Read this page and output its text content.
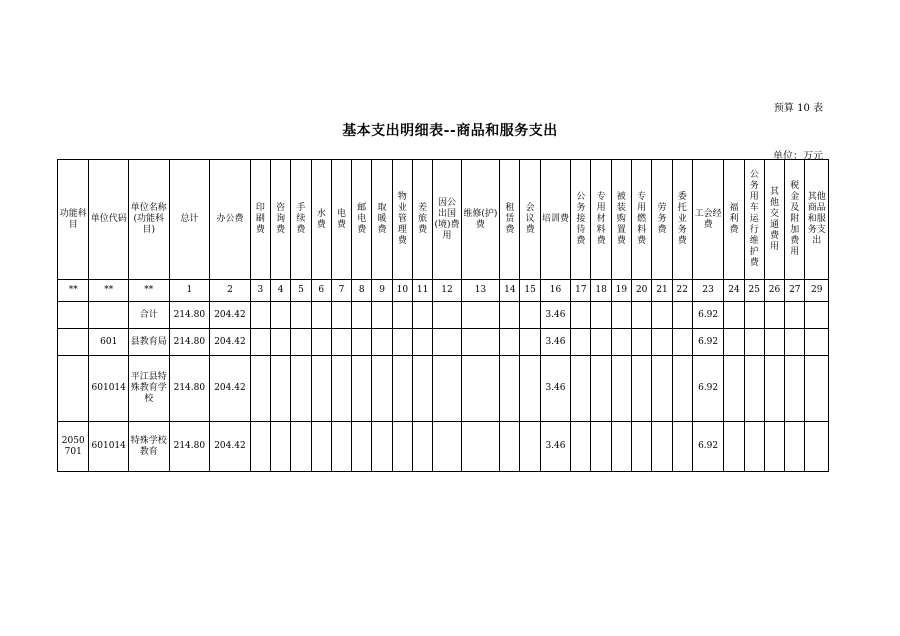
预算 10 表
基本支出明细表--商品和服务支出
单位：万元
功能科目	单位代码	单位名称(功能科目)	总计	办公费	印刷费	咨询费	手续费	水费	电费	邮电费	取暖费	物业管理费	差旅费	因公出国(境)费用	维修(护)费	租赁费	会议费	培训费	公务接待费	专用材料费	被装购置费	专用燃料费	劳务费	委托业务费	工会经费	福利费	公务用车运行维护费	其他交通费用	税金及附加费用	其他商品和服务支出
**	**	**	1	2	3	4	5	6	7	8	9	10	11	12	13	14	15	16	17	18	19	20	21	22	23	24	25	26	27	29
		合计	214.80	204.42														3.46							6.92					
	601	县教育局	214.80	204.42														3.46							6.92					
	601014	平江县特殊教育学校	214.80	204.42														3.46							6.92					
2050701	601014	特殊学校教育	214.80	204.42														3.46							6.92					
